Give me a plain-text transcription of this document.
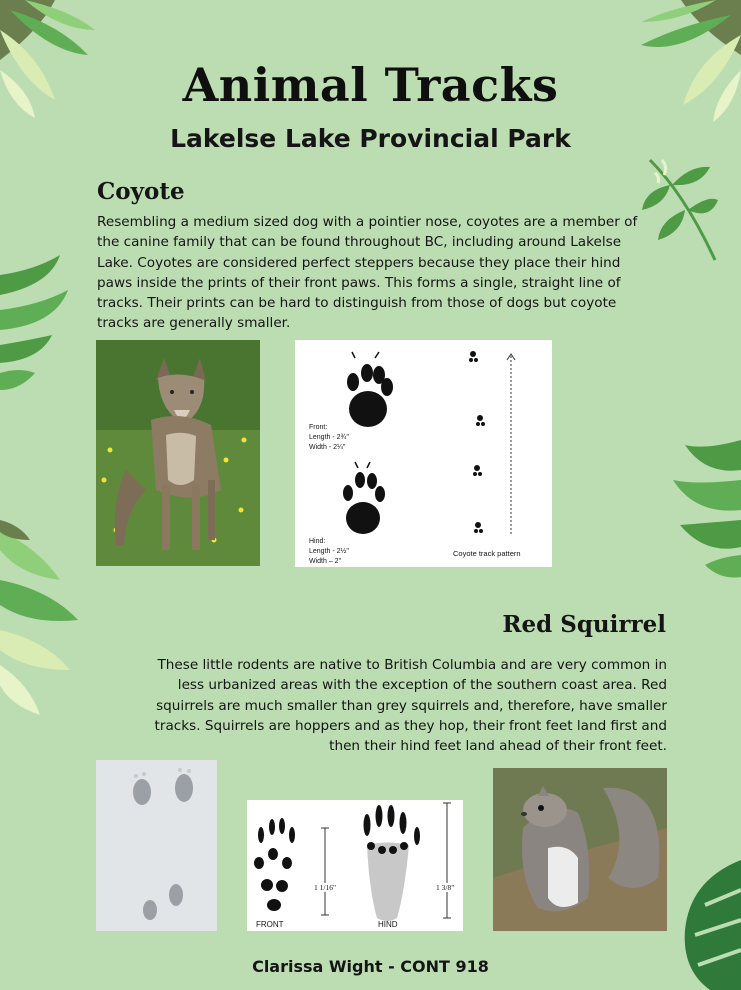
Animal Tracks
Lakelse Lake Provincial Park
Coyote

Resembling a medium sized dog with a pointier nose, coyotes are a member of the canine family that can be found throughout BC, including around Lakelse Lake. Coyotes are considered perfect steppers because they place their hind paws inside the prints of their front paws. This forms a single, straight line of tracks. Their prints can be hard to distinguish from those of dogs but coyote tracks are generally smaller.

Front:
Length - 2¾"
Width - 2¼"
Hind:
Length - 2½"
Width – 2"
Coyote track pattern
Red Squirrel

These little rodents are native to British Columbia and are very common in less urbanized areas with the exception of the southern coast area. Red squirrels are much smaller than grey squirrels and, therefore, have smaller tracks. Squirrels are hoppers and as they hop, their front feet land first and then their hind feet land ahead of their front feet.

1 1/16"	1 3/8"
FRONT	HIND
Clarissa Wight - CONT 918
